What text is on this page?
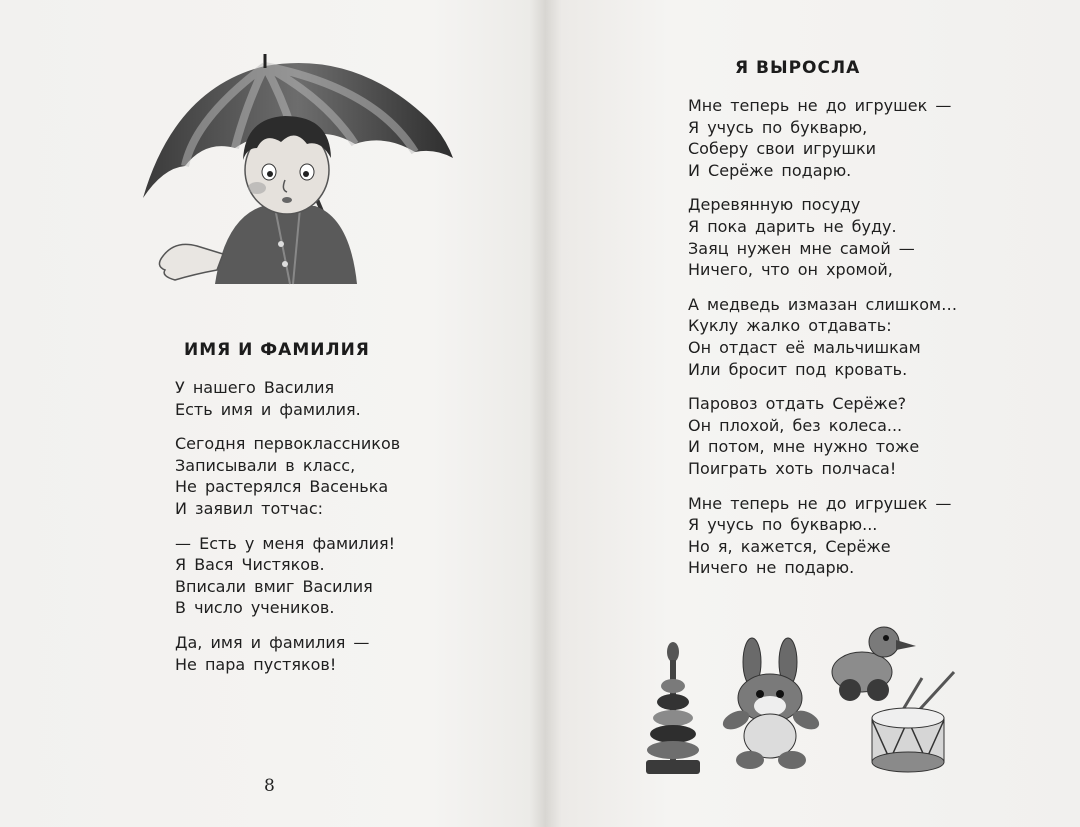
ИМЯ И ФАМИЛИЯ
У нашего Василия
Есть имя и фамилия.
Сегодня первоклассников
Записывали в класс,
Не растерялся Васенька
И заявил тотчас:
— Есть у меня фамилия!
Я Вася Чистяков.
Вписали вмиг Василия
В число учеников.
Да, имя и фамилия —
Не пара пустяков!
8
Я ВЫРОСЛА
Мне теперь не до игрушек —
Я учусь по букварю,
Соберу свои игрушки
И Серёже подарю.
Деревянную посуду
Я пока дарить не буду.
Заяц нужен мне самой —
Ничего, что он хромой,
А медведь измазан слишком…
Куклу жалко отдавать:
Он отдаст её мальчишкам
Или бросит под кровать.
Паровоз отдать Серёже?
Он плохой, без колеса...
И потом, мне нужно тоже
Поиграть хоть полчаса!
Мне теперь не до игрушек —
Я учусь по букварю...
Но я, кажется, Серёже
Ничего не подарю.
